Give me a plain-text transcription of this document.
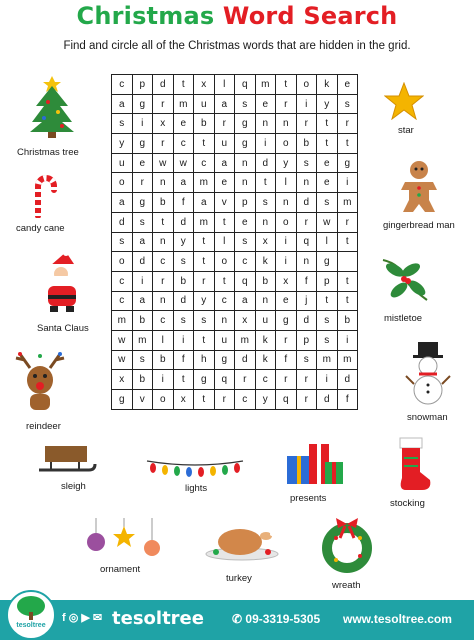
Christmas Word Search
Find and circle all of the Christmas words that are hidden in the grid.
c	p	d	t	x	l	q	m	t	o	k	e
a	g	r	m	u	a	s	e	r	i	y	s
s	i	x	e	b	r	g	n	n	r	t	r
y	g	r	c	t	u	g	i	o	b	t	t
u	e	w	w	c	a	n	d	y	s	e	g
o	r	n	a	m	e	n	t	l	n	e	i
a	g	b	f	a	v	p	s	n	d	s	m
d	s	t	d	m	t	e	n	o	r	w	r
s	a	n	y	t	l	s	x	i	q	l	t
o	d	c	s	t	o	c	k	i	n	g	
c	i	r	b	r	t	q	b	x	f	p	t
c	a	n	d	y	c	a	n	e	j	t	t
m	b	c	s	s	n	x	u	g	d	s	b
w	m	l	i	t	u	m	k	r	p	s	i
w	s	b	f	h	g	d	k	f	s	m	m
x	b	i	t	g	q	r	c	r	r	i	d
g	v	o	x	t	r	c	y	q	r	d	f
Christmas tree
candy cane
Santa Claus
reindeer
star
gingerbread man
mistletoe
snowman
sleigh	lights
presents	stocking
ornament
turkey
wreath
tesoltree
f ◎ ▶ ✉ tesoltree ✆ 09-3319-5305 www.tesoltree.com
